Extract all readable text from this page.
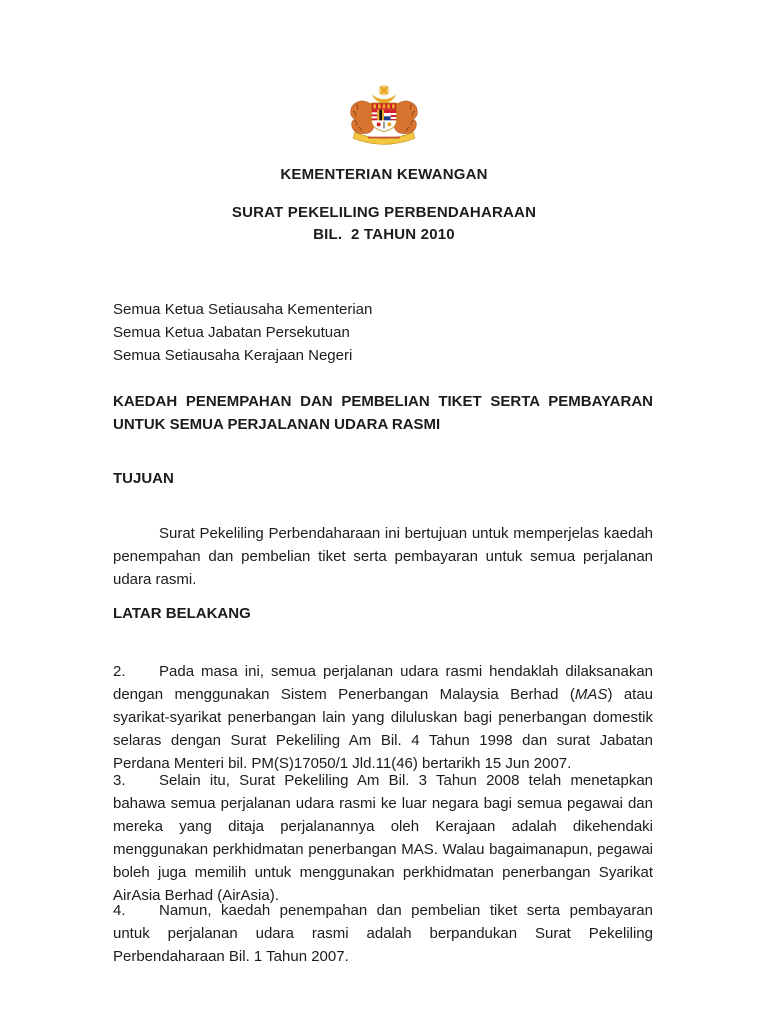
KEMENTERIAN KEWANGAN
SURAT PEKELILING PERBENDAHARAAN
BIL.  2 TAHUN 2010
Semua Ketua Setiausaha Kementerian
Semua Ketua Jabatan Persekutuan
Semua Setiausaha Kerajaan Negeri
KAEDAH PENEMPAHAN DAN PEMBELIAN TIKET SERTA PEMBAYARAN UNTUK SEMUA PERJALANAN UDARA RASMI
TUJUAN

Surat Pekeliling Perbendaharaan ini bertujuan untuk memperjelas kaedah penempahan dan pembelian tiket serta pembayaran untuk semua perjalanan udara rasmi.

LATAR BELAKANG

2. Pada masa ini, semua perjalanan udara rasmi hendaklah dilaksanakan dengan menggunakan Sistem Penerbangan Malaysia Berhad (MAS) atau syarikat-syarikat penerbangan lain yang diluluskan bagi penerbangan domestik selaras dengan Surat Pekeliling Am Bil. 4 Tahun 1998 dan surat Jabatan Perdana Menteri bil. PM(S)17050/1 Jld.11(46) bertarikh 15 Jun 2007.

3. Selain itu, Surat Pekeliling Am Bil. 3 Tahun 2008 telah menetapkan bahawa semua perjalanan udara rasmi ke luar negara bagi semua pegawai dan mereka yang ditaja perjalanannya oleh Kerajaan adalah dikehendaki menggunakan perkhidmatan penerbangan MAS. Walau bagaimanapun, pegawai boleh juga memilih untuk menggunakan perkhidmatan penerbangan Syarikat AirAsia Berhad (AirAsia).

4. Namun, kaedah penempahan dan pembelian tiket serta pembayaran untuk perjalanan udara rasmi adalah berpandukan Surat Pekeliling Perbendaharaan Bil. 1 Tahun 2007.
